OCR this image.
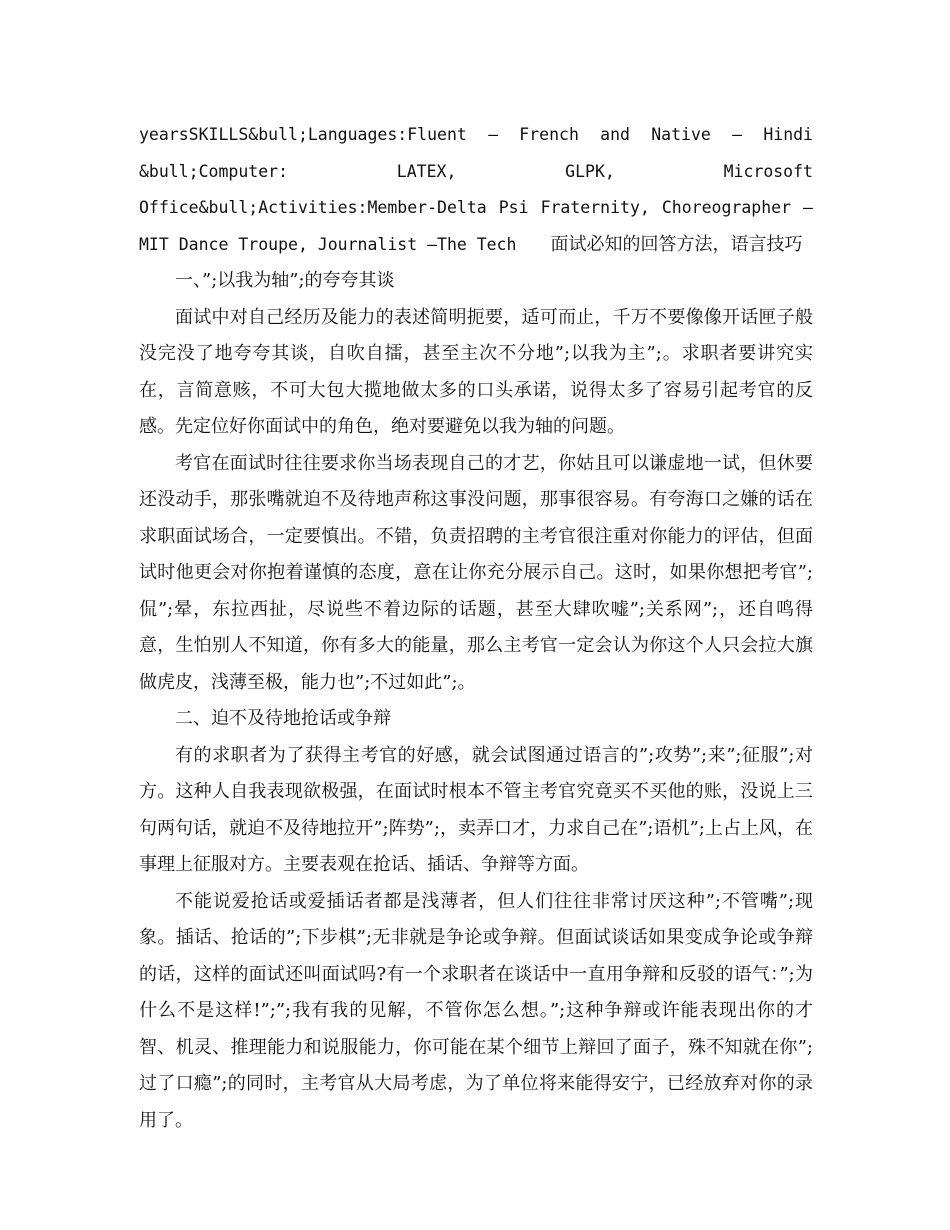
yearsSKILLS&bull;Languages:Fluent – French and Native – Hindi &bull;Computer: LATEX, GLPK, Microsoft Office&bull;Activities:Member-Delta Psi Fraternity, Choreographer – MIT Dance Troupe, Journalist –The Tech 面试必知的回答方法，语言技巧

一、”;以我为轴”;的夸夸其谈

面试中对自己经历及能力的表述简明扼要，适可而止，千万不要像像开话匣子般没完没了地夸夸其谈，自吹自擂，甚至主次不分地”;以我为主”;。求职者要讲究实在，言简意赅，不可大包大揽地做太多的口头承诺，说得太多了容易引起考官的反感。先定位好你面试中的角色，绝对要避免以我为轴的问题。

考官在面试时往往要求你当场表现自己的才艺，你姑且可以谦虚地一试，但休要还没动手，那张嘴就迫不及待地声称这事没问题，那事很容易。有夸海口之嫌的话在求职面试场合，一定要慎出。不错，负责招聘的主考官很注重对你能力的评估，但面试时他更会对你抱着谨慎的态度，意在让你充分展示自己。这时，如果你想把考官”;侃”;晕，东拉西扯，尽说些不着边际的话题，甚至大肆吹嘘”;关系网”;，还自鸣得意，生怕别人不知道，你有多大的能量，那么主考官一定会认为你这个人只会拉大旗做虎皮，浅薄至极，能力也”;不过如此”;。

二、迫不及待地抢话或争辩

有的求职者为了获得主考官的好感，就会试图通过语言的”;攻势”;来”;征服”;对方。这种人自我表现欲极强，在面试时根本不管主考官究竟买不买他的账，没说上三句两句话，就迫不及待地拉开”;阵势”;，卖弄口才，力求自己在”;语机”;上占上风，在事理上征服对方。主要表观在抢话、插话、争辩等方面。

不能说爱抢话或爱插话者都是浅薄者，但人们往往非常讨厌这种”;不管嘴”;现象。插话、抢话的”;下步棋”;无非就是争论或争辩。但面试谈话如果变成争论或争辩的话，这样的面试还叫面试吗?有一个求职者在谈话中一直用争辩和反驳的语气：”;为什么不是这样!”;”;我有我的见解，不管你怎么想。”;这种争辩或许能表现出你的才智、机灵、推理能力和说服能力，你可能在某个细节上辩回了面子，殊不知就在你”;过了口瘾”;的同时，主考官从大局考虑，为了单位将来能得安宁，已经放弃对你的录用了。
